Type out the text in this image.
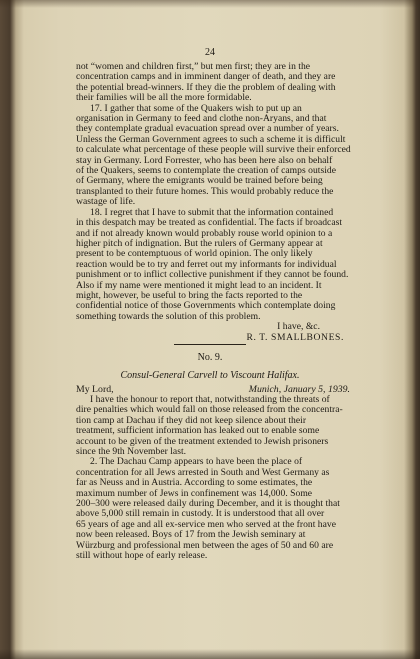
24

not “women and children first,” but men first; they are in the

concentration camps and in imminent danger of death, and they are

the potential bread-winners. If they die the problem of dealing with

their families will be all the more formidable.

17. I gather that some of the Quakers wish to put up an

organisation in Germany to feed and clothe non-Aryans, and that

they contemplate gradual evacuation spread over a number of years.

Unless the German Government agrees to such a scheme it is difficult

to calculate what percentage of these people will survive their enforced

stay in Germany. Lord Forrester, who has been here also on behalf

of the Quakers, seems to contemplate the creation of camps outside

of Germany, where the emigrants would be trained before being

transplanted to their future homes. This would probably reduce the

wastage of life.

18. I regret that I have to submit that the information contained

in this despatch may be treated as confidential. The facts if broadcast

and if not already known would probably rouse world opinion to a

higher pitch of indignation. But the rulers of Germany appear at

present to be contemptuous of world opinion. The only likely

reaction would be to try and ferret out my informants for individual

punishment or to inflict collective punishment if they cannot be found.

Also if my name were mentioned it might lead to an incident. It

might, however, be useful to bring the facts reported to the

confidential notice of those Governments which contemplate doing

something towards the solution of this problem.

I have, &c.

R. T. SMALLBONES.

No. 9.
Consul-General Carvell to Viscount Halifax.
My Lord,	Munich, January 5, 1939.

I have the honour to report that, notwithstanding the threats of

dire penalties which would fall on those released from the concentra-

tion camp at Dachau if they did not keep silence about their

treatment, sufficient information has leaked out to enable some

account to be given of the treatment extended to Jewish prisoners

since the 9th November last.

2. The Dachau Camp appears to have been the place of

concentration for all Jews arrested in South and West Germany as

far as Neuss and in Austria. According to some estimates, the

maximum number of Jews in confinement was 14,000. Some

200–300 were released daily during December, and it is thought that

above 5,000 still remain in custody. It is understood that all over

65 years of age and all ex-service men who served at the front have

now been released. Boys of 17 from the Jewish seminary at

Würzburg and professional men between the ages of 50 and 60 are

still without hope of early release.
